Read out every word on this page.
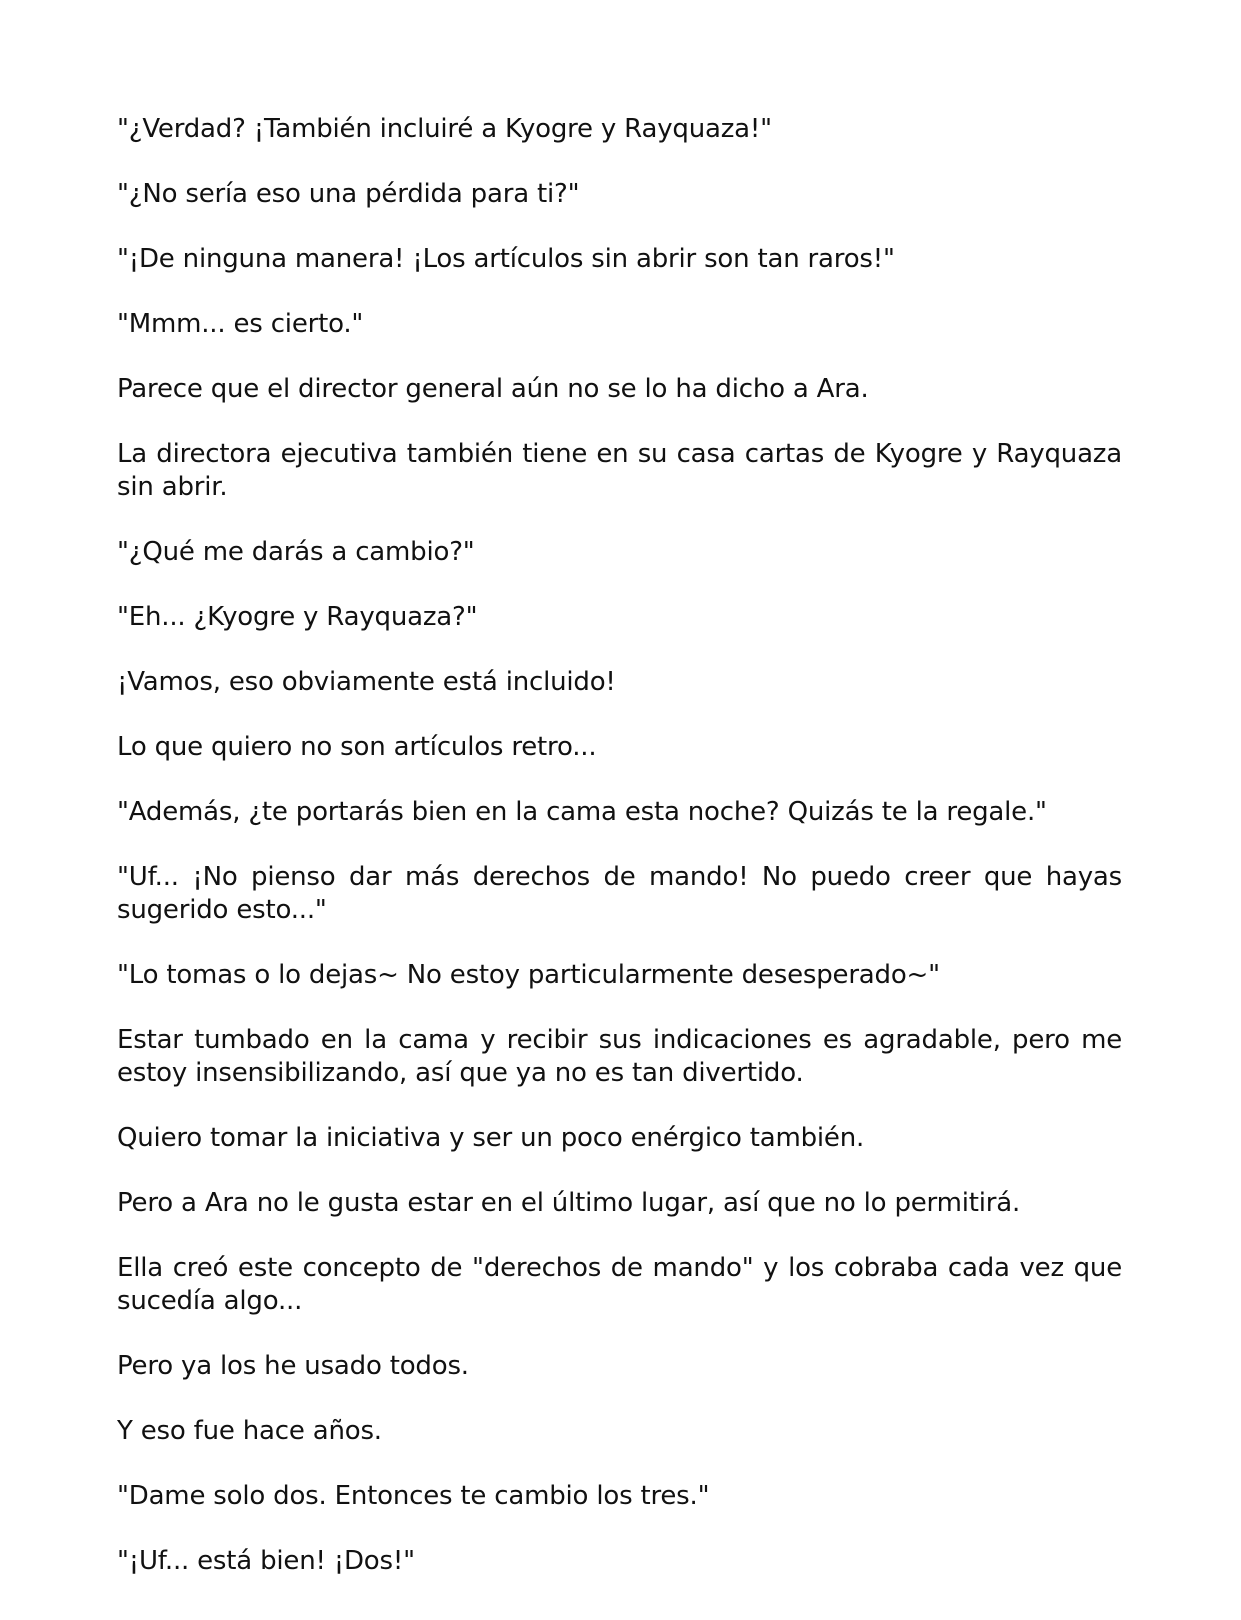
"¿Verdad? ¡También incluiré a Kyogre y Rayquaza!"

"¿No sería eso una pérdida para ti?"

"¡De ninguna manera! ¡Los artículos sin abrir son tan raros!"

"Mmm... es cierto."

Parece que el director general aún no se lo ha dicho a Ara.

La directora ejecutiva también tiene en su casa cartas de Kyogre y Rayquaza sin abrir.

"¿Qué me darás a cambio?"

"Eh... ¿Kyogre y Rayquaza?"

¡Vamos, eso obviamente está incluido!

Lo que quiero no son artículos retro...

"Además, ¿te portarás bien en la cama esta noche? Quizás te la regale."

"Uf... ¡No pienso dar más derechos de mando! No puedo creer que hayas sugerido esto..."

"Lo tomas o lo dejas~ No estoy particularmente desesperado~"

Estar tumbado en la cama y recibir sus indicaciones es agradable, pero me estoy insensibilizando, así que ya no es tan divertido.

Quiero tomar la iniciativa y ser un poco enérgico también.

Pero a Ara no le gusta estar en el último lugar, así que no lo permitirá.

Ella creó este concepto de "derechos de mando" y los cobraba cada vez que sucedía algo...

Pero ya los he usado todos.

Y eso fue hace años.

"Dame solo dos. Entonces te cambio los tres."

"¡Uf... está bien! ¡Dos!"
